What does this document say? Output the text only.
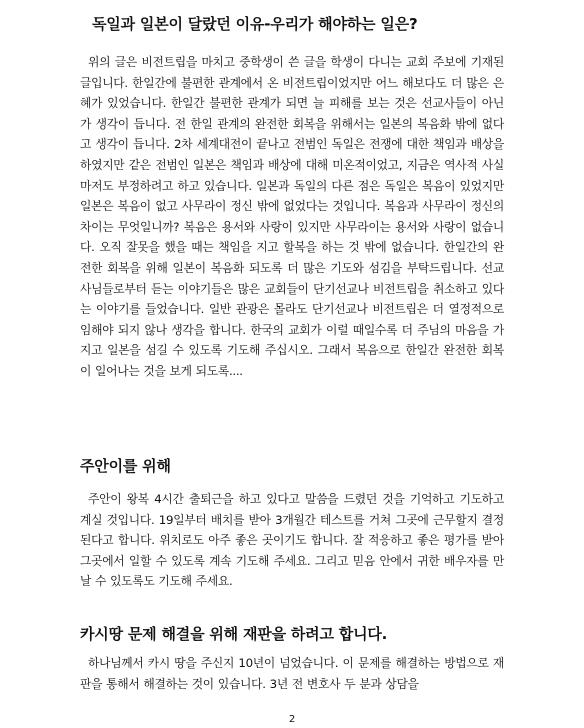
독일과 일본이 달랐던 이유-우리가 해야하는 일은?

위의 글은 비전트립을 마치고 중학생이 쓴 글을 학생이 다니는 교회 주보에 기재된 글입니다. 한일간에 불편한 관계에서 온 비전트립이었지만 어느 해보다도 더 많은 은혜가 있었습니다. 한일간 불편한 관계가 되면 늘 피해를 보는 것은 선교사들이 아닌가 생각이 듭니다. 전 한일 관계의 완전한 회복을 위해서는 일본의 복음화 밖에 없다고 생각이 듭니다. 2차 세계대전이 끝나고 전범인 독일은 전쟁에 대한 책임과 배상을 하였지만 같은 전범인 일본은 책임과 배상에 대해 미온적이었고, 지금은 역사적 사실 마저도 부정하려고 하고 있습니다. 일본과 독일의 다른 점은 독일은 복음이 있었지만 일본은 복음이 없고 사무라이 정신 밖에 없었다는 것입니다. 복음과 사무라이 정신의 차이는 무엇일니까? 복음은 용서와 사랑이 있지만 사무라이는 용서와 사랑이 없습니다. 오직 잘못을 했을 때는 책임을 지고 할복을 하는 것 밖에 없습니다. 한일간의 완전한 회복을 위해 일본이 복음화 되도록 더 많은 기도와 섬김을 부탁드립니다. 선교사님들로부터 듣는 이야기들은 많은 교회들이 단기선교나 비전트립을 취소하고 있다는 이야기를 들었습니다. 일반 관광은 몰라도 단기선교나 비전트립은 더 열정적으로 임해야 되지 않나 생각을 합니다. 한국의 교회가 이럴 때일수록 더 주님의 마음을 가지고 일본을 섬길 수 있도록 기도해 주십시오. 그래서 복음으로 한일간 완전한 회복이 일어나는 것을 보게 되도록....

주안이를 위해

주안이 왕복 4시간 출퇴근을 하고 있다고 말씀을 드렸던 것을 기억하고 기도하고 계실 것입니다. 19일부터 배치를 받아 3개월간 테스트를 거쳐 그곳에 근무할지 결정된다고 합니다. 위치로도 아주 좋은 곳이기도 합니다. 잘 적응하고 좋은 평가를 받아 그곳에서 일할 수 있도록 계속 기도해 주세요. 그리고 믿음 안에서 귀한 배우자를 만날 수 있도록도 기도해 주세요.

카시땅 문제 해결을 위해 재판을 하려고 합니다.

하나님께서 카시 땅을 주신지 10년이 넘었습니다. 이 문제를 해결하는 방법으로 재판을 통해서 해결하는 것이 있습니다. 3년 전 변호사 두 분과 상담을

2
